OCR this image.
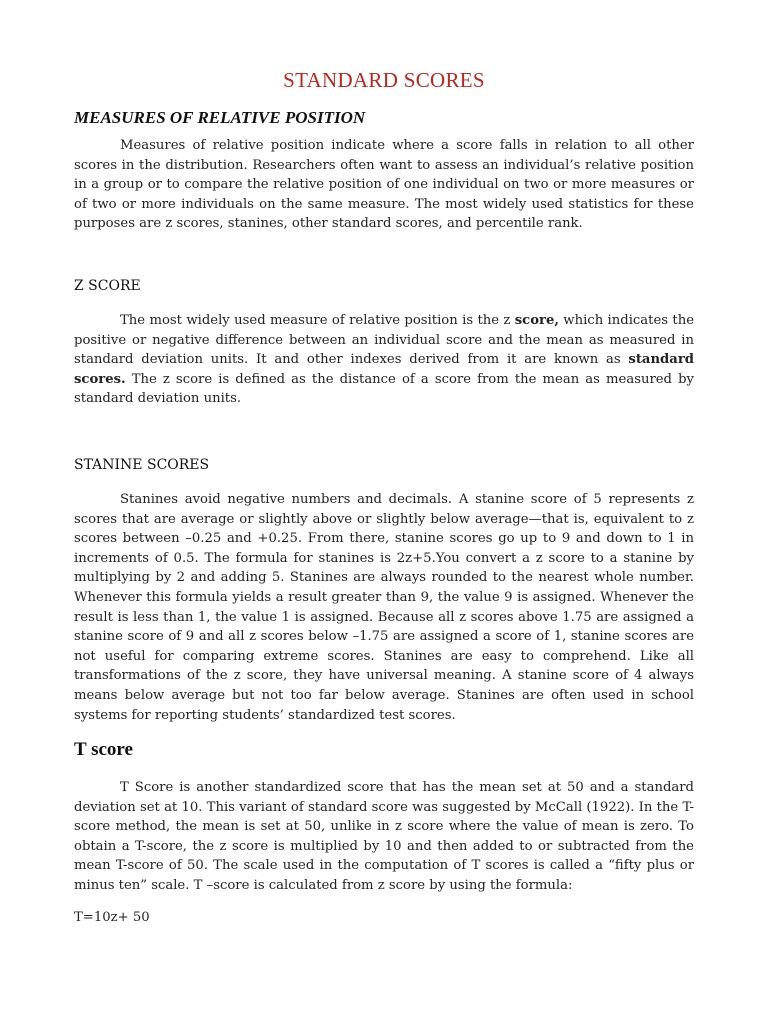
STANDARD SCORES
MEASURES OF RELATIVE POSITION

Measures of relative position indicate where a score falls in relation to all other scores in the distribution. Researchers often want to assess an individual’s relative position in a group or to compare the relative position of one individual on two or more measures or of two or more individuals on the same measure. The most widely used statistics for these purposes are z scores, stanines, other standard scores, and percentile rank.

Z SCORE

The most widely used measure of relative position is the z score, which indicates the positive or negative difference between an individual score and the mean as measured in standard deviation units. It and other indexes derived from it are known as standard scores. The z score is defined as the distance of a score from the mean as measured by standard deviation units.

STANINE SCORES

Stanines avoid negative numbers and decimals. A stanine score of 5 represents z scores that are average or slightly above or slightly below average—that is, equivalent to z scores between –0.25 and +0.25. From there, stanine scores go up to 9 and down to 1 in increments of 0.5. The formula for stanines is 2z+5.You convert a z score to a stanine by multiplying by 2 and adding 5. Stanines are always rounded to the nearest whole number. Whenever this formula yields a result greater than 9, the value 9 is assigned. Whenever the result is less than 1, the value 1 is assigned. Because all z scores above 1.75 are assigned a stanine score of 9 and all z scores below –1.75 are assigned a score of 1, stanine scores are not useful for comparing extreme scores. Stanines are easy to comprehend. Like all transformations of the z score, they have universal meaning. A stanine score of 4 always means below average but not too far below average. Stanines are often used in school systems for reporting students’ standardized test scores.

T score

T Score is another standardized score that has the mean set at 50 and a standard deviation set at 10. This variant of standard score was suggested by McCall (1922). In the T-score method, the mean is set at 50, unlike in z score where the value of mean is zero. To obtain a T-score, the z score is multiplied by 10 and then added to or subtracted from the mean T-score of 50. The scale used in the computation of T scores is called a “fifty plus or minus ten” scale. T –score is calculated from z score by using the formula:

T=10z+ 50
